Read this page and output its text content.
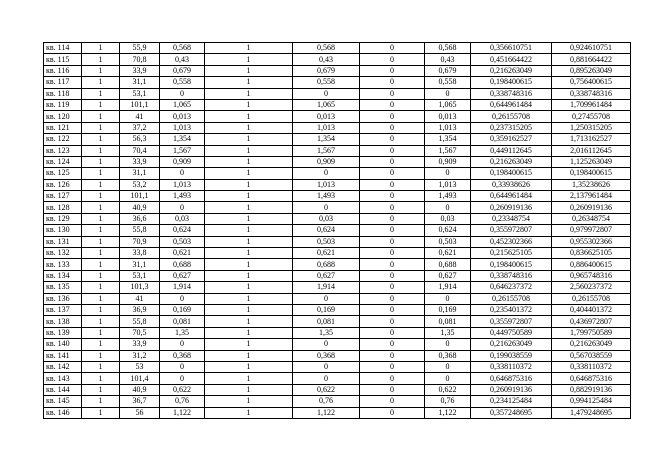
кв. 114	1	55,9	0,568	1	0,568	0	0,568	0,356610751	0,924610751
кв. 115	1	70,8	0,43	1	0,43	0	0,43	0,451664422	0,881664422
кв. 116	1	33,9	0,679	1	0,679	0	0,679	0,216263049	0,895263049
кв. 117	1	31,1	0,558	1	0,558	0	0,558	0,198400615	0,756400615
кв. 118	1	53,1	0	1	0	0	0	0,338748316	0,338748316
кв. 119	1	101,1	1,065	1	1,065	0	1,065	0,644961484	1,709961484
кв. 120	1	41	0,013	1	0,013	0	0,013	0,26155708	0,27455708
кв. 121	1	37,2	1,013	1	1,013	0	1,013	0,237315205	1,250315205
кв. 122	1	56,3	1,354	1	1,354	0	1,354	0,359162527	1,713162527
кв. 123	1	70,4	1,567	1	1,567	0	1,567	0,449112645	2,016112645
кв. 124	1	33,9	0,909	1	0,909	0	0,909	0,216263049	1,125263049
кв. 125	1	31,1	0	1	0	0	0	0,198400615	0,198400615
кв. 126	1	53,2	1,013	1	1,013	0	1,013	0,33938626	1,35238626
кв. 127	1	101,1	1,493	1	1,493	0	1,493	0,644961484	2,137961484
кв. 128	1	40,9	0	1	0	0	0	0,260919136	0,260919136
кв. 129	1	36,6	0,03	1	0,03	0	0,03	0,23348754	0,26348754
кв. 130	1	55,8	0,624	1	0,624	0	0,624	0,355972807	0,979972807
кв. 131	1	70,9	0,503	1	0,503	0	0,503	0,452302366	0,955302366
кв. 132	1	33,8	0,621	1	0,621	0	0,621	0,215625105	0,836625105
кв. 133	1	31,1	0,688	1	0,688	0	0,688	0,198400615	0,886400615
кв. 134	1	53,1	0,627	1	0,627	0	0,627	0,338748316	0,965748316
кв. 135	1	101,3	1,914	1	1,914	0	1,914	0,646237372	2,560237372
кв. 136	1	41	0	1	0	0	0	0,26155708	0,26155708
кв. 137	1	36,9	0,169	1	0,169	0	0,169	0,235401372	0,404401372
кв. 138	1	55,8	0,081	1	0,081	0	0,081	0,355972807	0,436972807
кв. 139	1	70,5	1,35	1	1,35	0	1,35	0,449750589	1,799750589
кв. 140	1	33,9	0	1	0	0	0	0,216263049	0,216263049
кв. 141	1	31,2	0,368	1	0,368	0	0,368	0,199038559	0,567038559
кв. 142	1	53	0	1	0	0	0	0,338110372	0,338110372
кв. 143	1	101,4	0	1	0	0	0	0,646875316	0,646875316
кв. 144	1	40,9	0,622	1	0,622	0	0,622	0,260919136	0,882919136
кв. 145	1	36,7	0,76	1	0,76	0	0,76	0,234125484	0,994125484
кв. 146	1	56	1,122	1	1,122	0	1,122	0,357248695	1,479248695
